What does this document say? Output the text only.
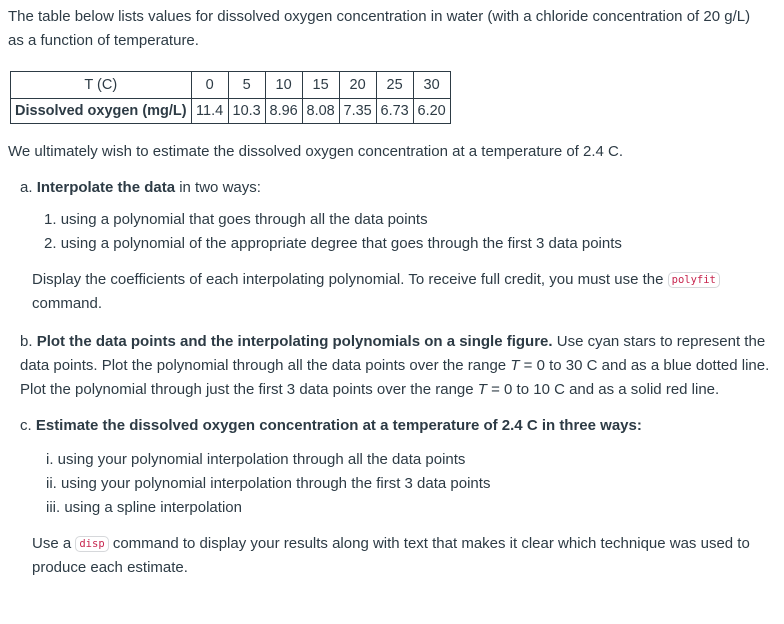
The table below lists values for dissolved oxygen concentration in water (with a chloride concentration of 20 g/L) as a function of temperature.

T (C)	0	5	10	15	20	25	30
Dissolved oxygen (mg/L)	11.4	10.3	8.96	8.08	7.35	6.73	6.20

We ultimately wish to estimate the dissolved oxygen concentration at a temperature of 2.4 C.

a. Interpolate the data in two ways:

1. using a polynomial that goes through all the data points
2. using a polynomial of the appropriate degree that goes through the first 3 data points

Display the coefficients of each interpolating polynomial. To receive full credit, you must use the polyfit command.

b. Plot the data points and the interpolating polynomials on a single figure. Use cyan stars to represent the data points. Plot the polynomial through all the data points over the range T = 0 to 30 C and as a blue dotted line. Plot the polynomial through just the first 3 data points over the range T = 0 to 10 C and as a solid red line.

c. Estimate the dissolved oxygen concentration at a temperature of 2.4 C in three ways:

i. using your polynomial interpolation through all the data points
ii. using your polynomial interpolation through the first 3 data points
iii. using a spline interpolation

Use a disp command to display your results along with text that makes it clear which technique was used to produce each estimate.
